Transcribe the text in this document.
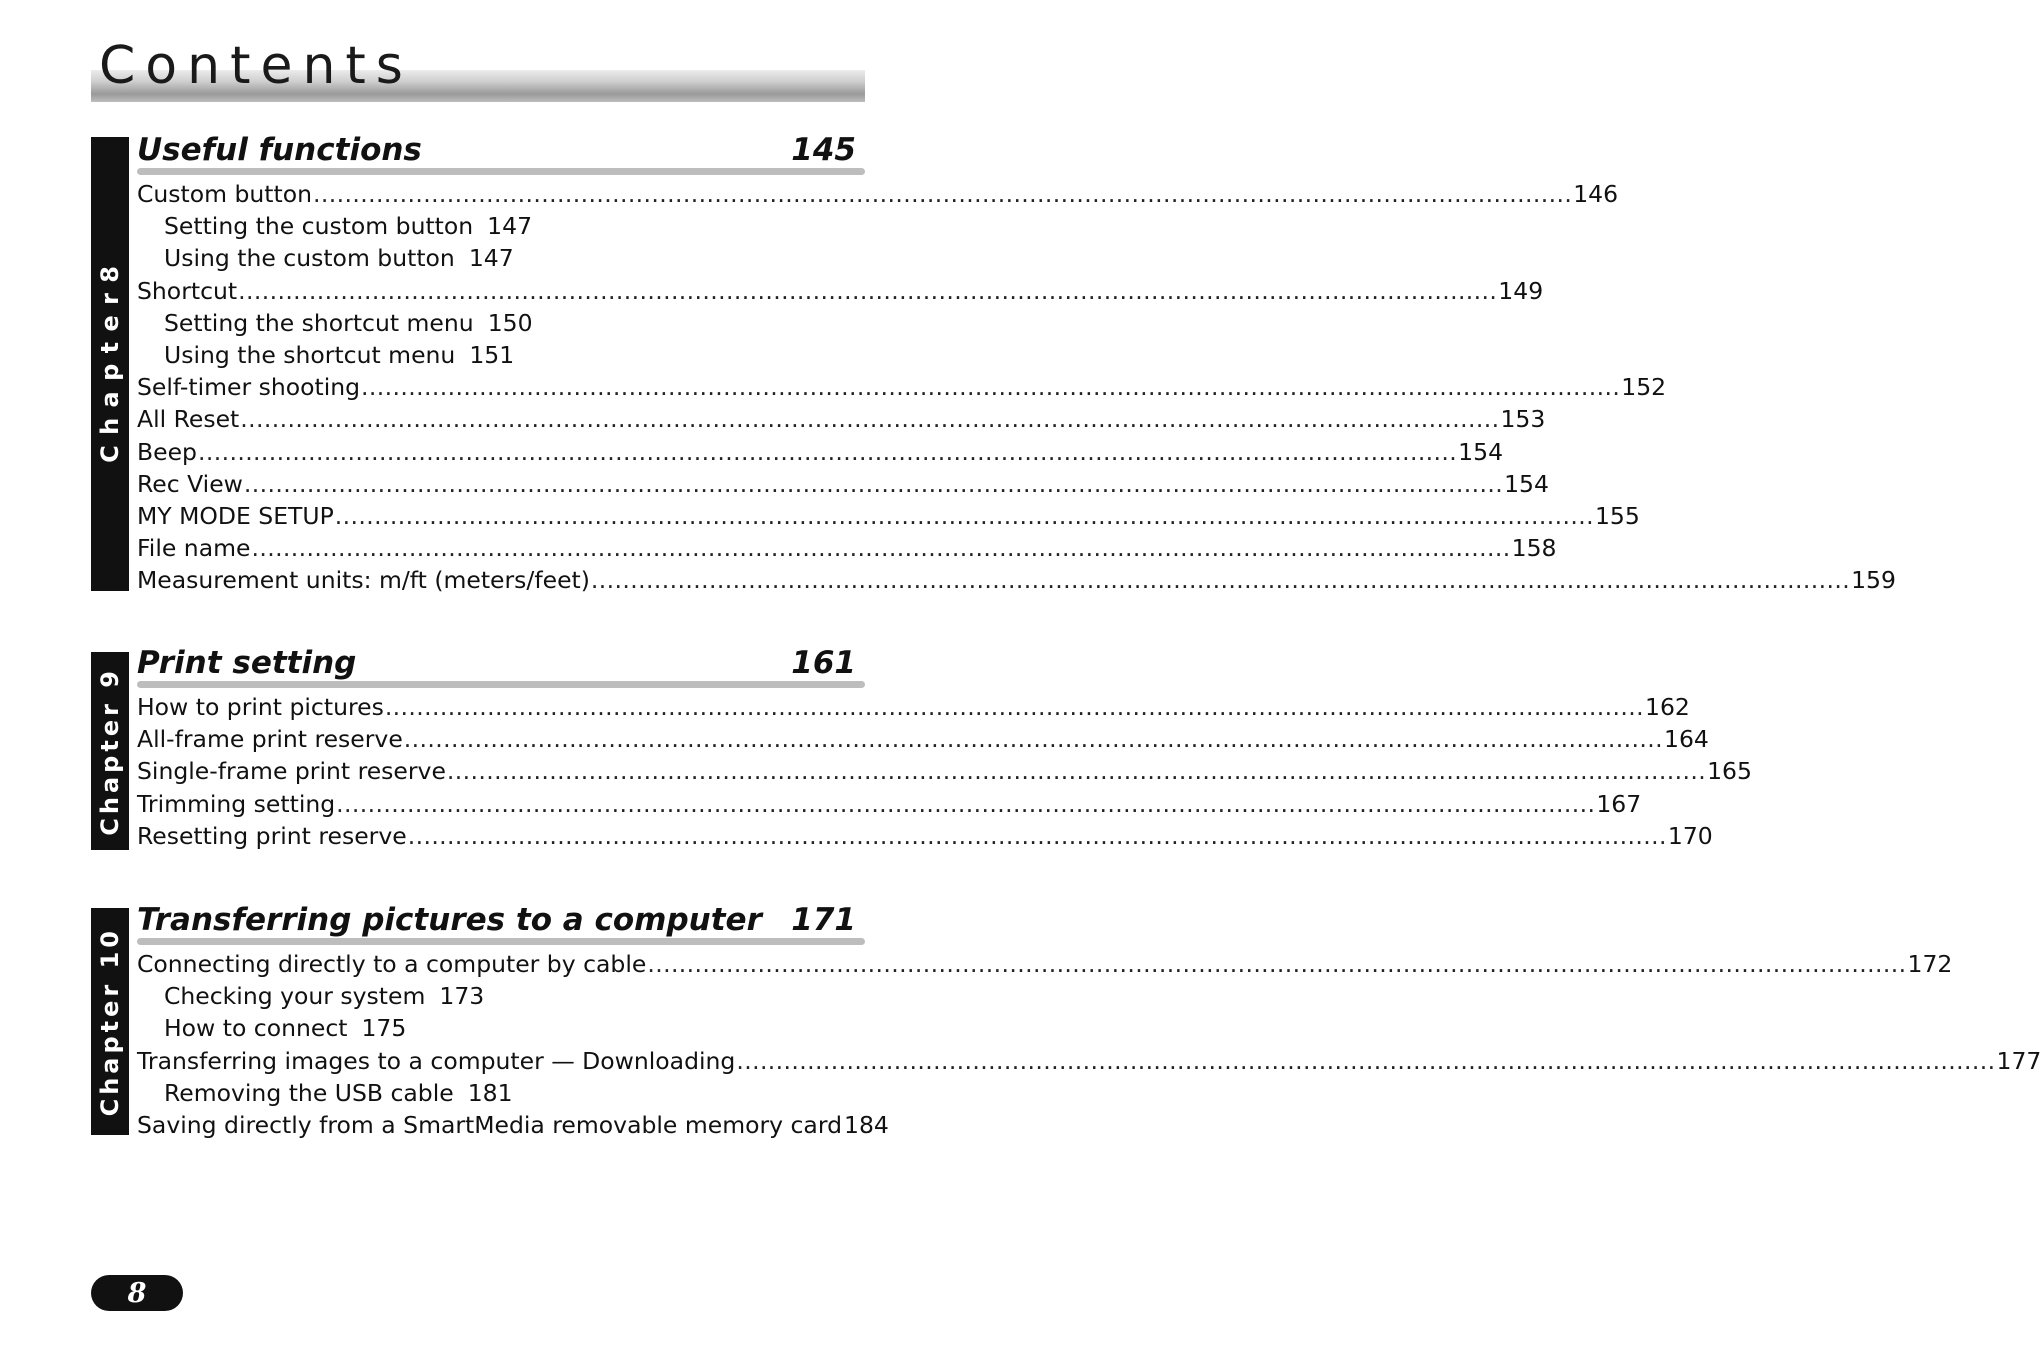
Contents
C h a p t e r 8
Useful functions	145
Custom button ................................................................................................................................................................ 146
Setting the custom button 147
Using the custom button 147
Shortcut ................................................................................................................................................................ 149
Setting the shortcut menu 150
Using the shortcut menu 151
Self-timer shooting ................................................................................................................................................................ 152
All Reset ................................................................................................................................................................ 153
Beep ................................................................................................................................................................ 154
Rec View ................................................................................................................................................................ 154
MY MODE SETUP ................................................................................................................................................................ 155
File name ................................................................................................................................................................ 158
Measurement units: m/ft (meters/feet) ................................................................................................................................................................ 159
Chapter 9
Print setting	161
How to print pictures ................................................................................................................................................................ 162
All-frame print reserve ................................................................................................................................................................ 164
Single-frame print reserve ................................................................................................................................................................ 165
Trimming setting ................................................................................................................................................................ 167
Resetting print reserve ................................................................................................................................................................ 170
Chapter 10
Transferring pictures to a computer 171
Connecting directly to a computer by cable ................................................................................................................................................................ 172
Checking your system 173
How to connect 175
Transferring images to a computer — Downloading ................................................................................................................................................................ 177
Removing the USB cable 181
Saving directly from a SmartMedia removable memory card 184
8
